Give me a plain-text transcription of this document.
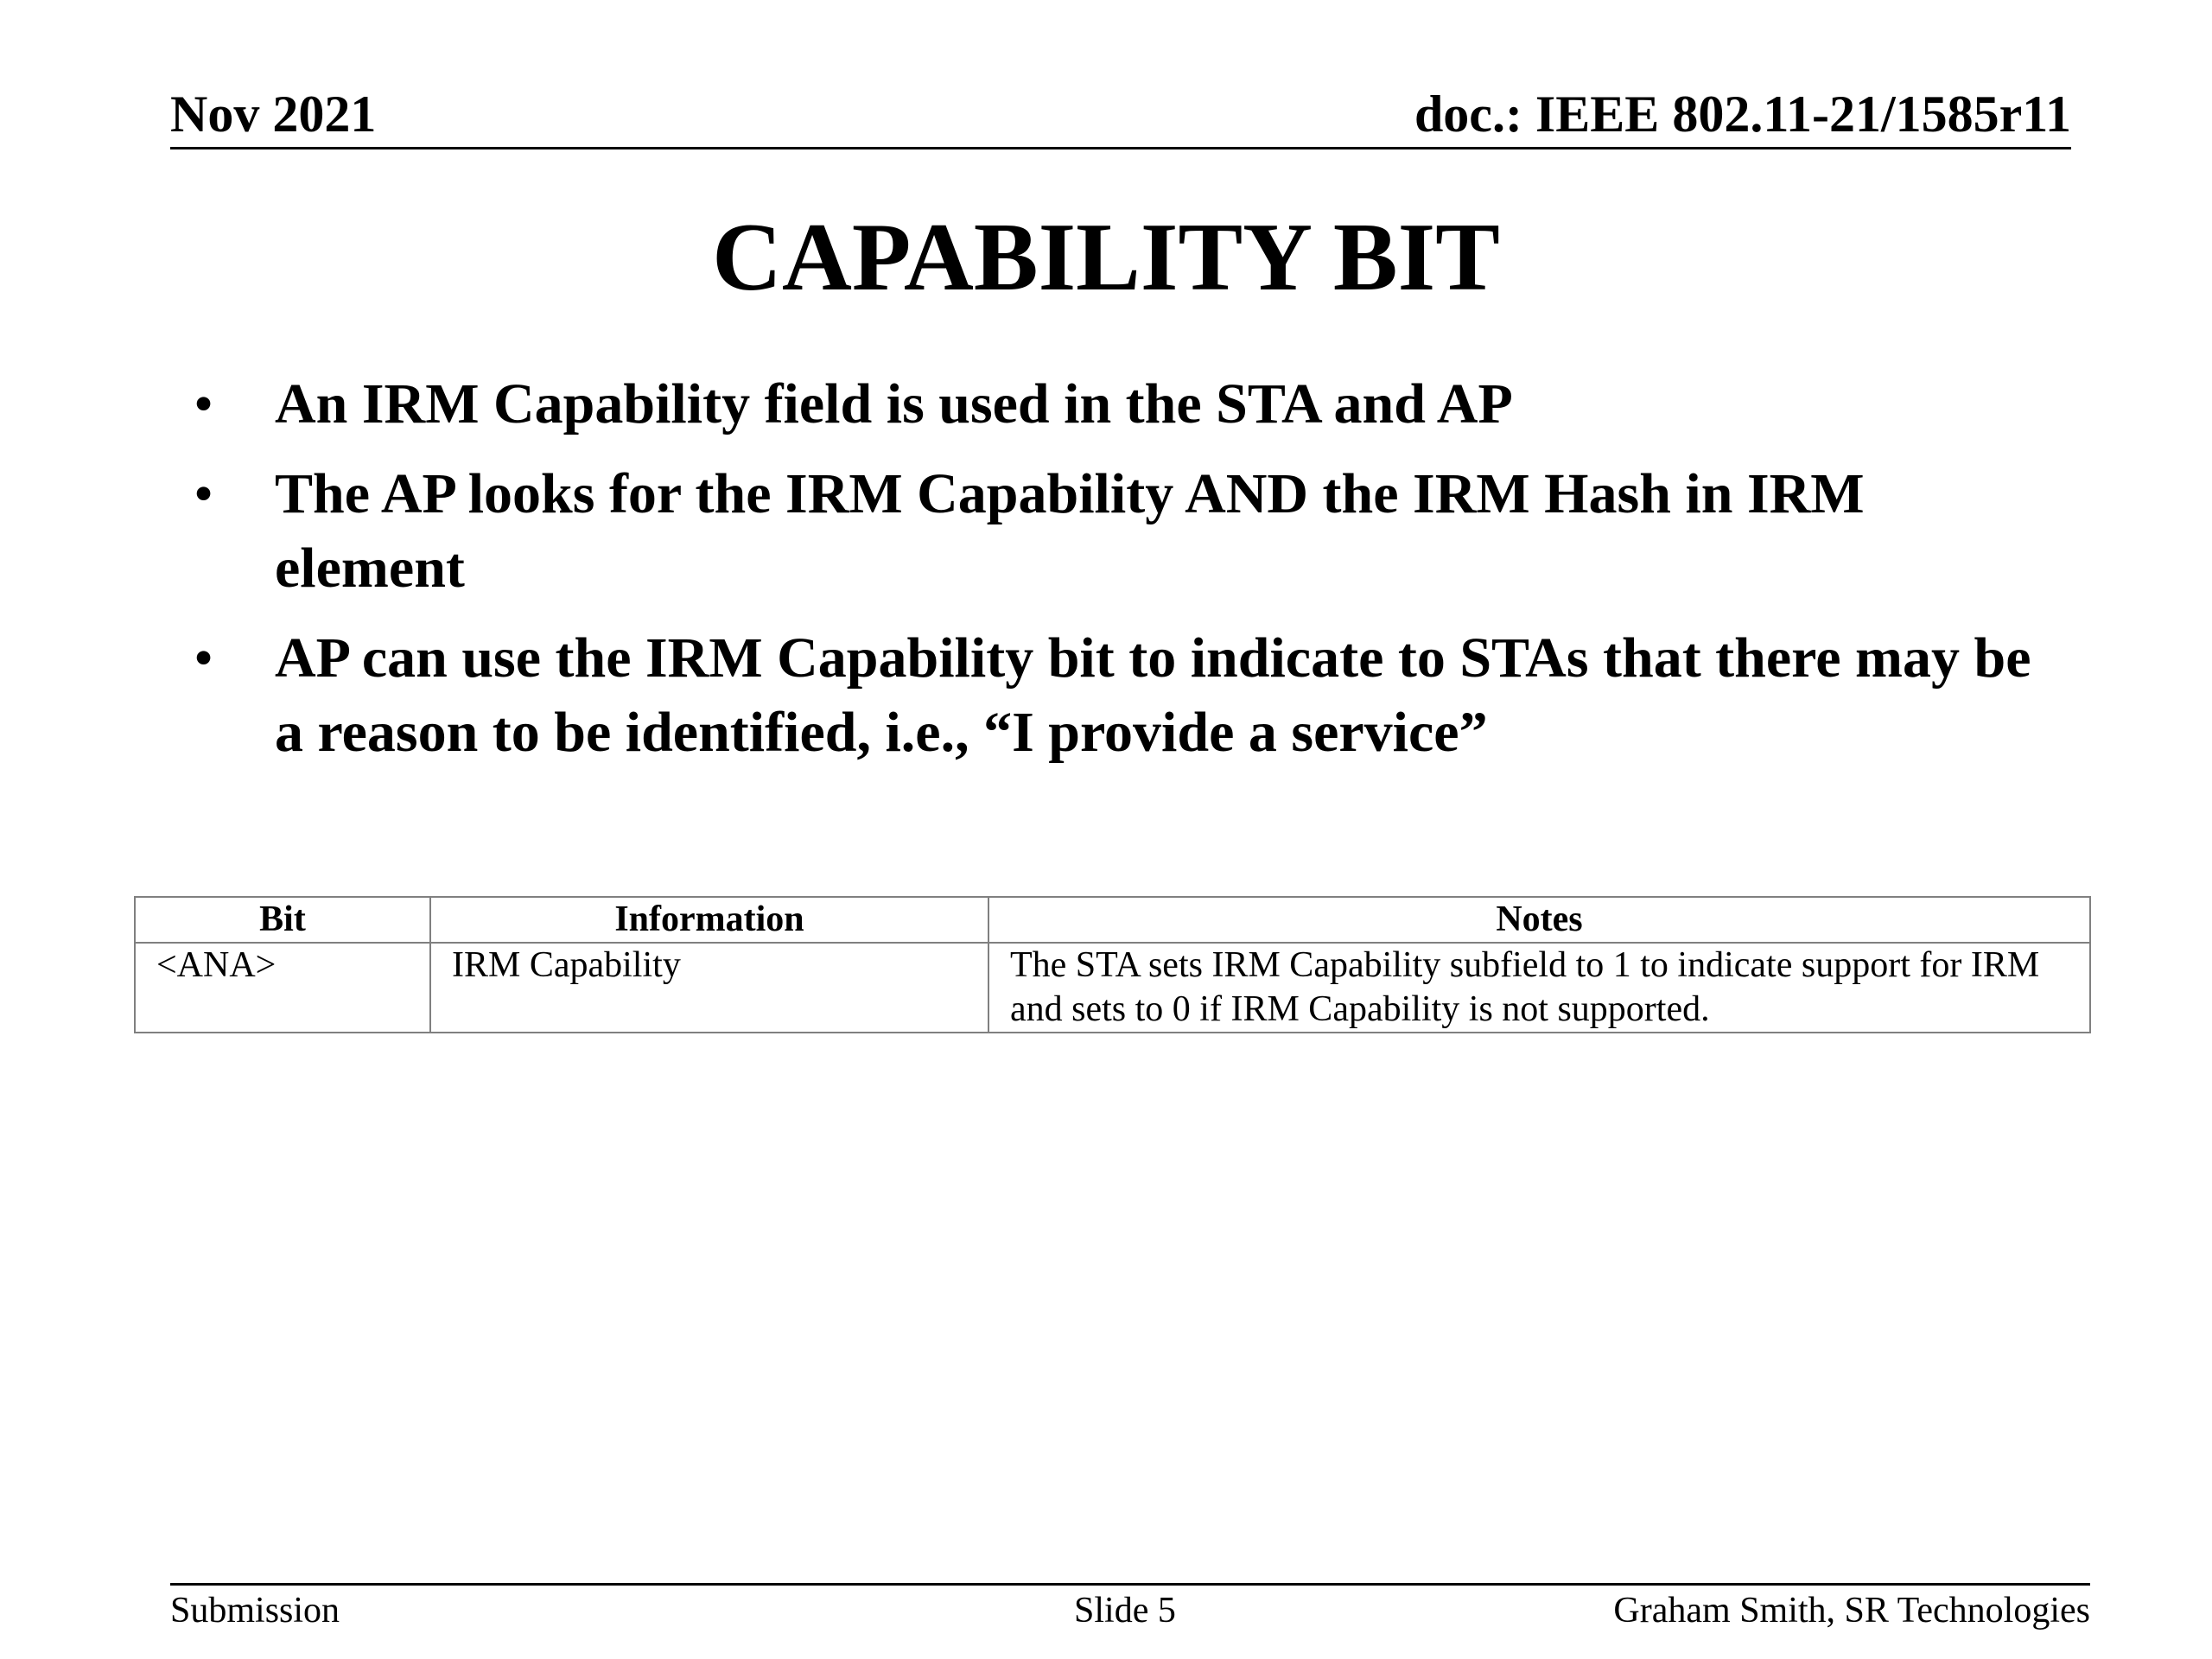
Nov 2021	doc.: IEEE 802.11-21/1585r11
CAPABILITY BIT
• An IRM Capability field is used in the STA and AP
• The AP looks for the IRM Capability AND the IRM Hash in IRM element
• AP can use the IRM Capability bit to indicate to STAs that there may be a reason to be identified, i.e., “I provide a service”
Bit	Information	Notes
<ANA>	IRM Capability	The STA sets IRM Capability subfield to 1 to indicate support for IRM and sets to 0 if IRM Capability is not supported.
Submission	Slide 5	Graham Smith, SR Technologies
